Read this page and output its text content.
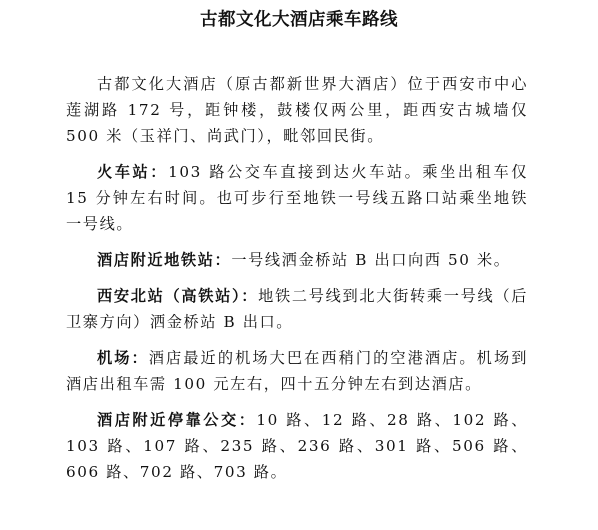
古都文化大酒店乘车路线

古都文化大酒店（原古都新世界大酒店）位于西安市中心莲湖路 172 号，距钟楼，鼓楼仅两公里，距西安古城墙仅 500 米（玉祥门、尚武门），毗邻回民街。

火车站：103 路公交车直接到达火车站。乘坐出租车仅 15 分钟左右时间。也可步行至地铁一号线五路口站乘坐地铁一号线。

酒店附近地铁站：一号线洒金桥站 B 出口向西 50 米。

西安北站（高铁站）：地铁二号线到北大街转乘一号线（后卫寨方向）洒金桥站 B 出口。

机场：酒店最近的机场大巴在西稍门的空港酒店。机场到酒店出租车需 100 元左右，四十五分钟左右到达酒店。

酒店附近停靠公交：10 路、12 路、28 路、102 路、103 路、107 路、235 路、236 路、301 路、506 路、606 路、702 路、703 路。
